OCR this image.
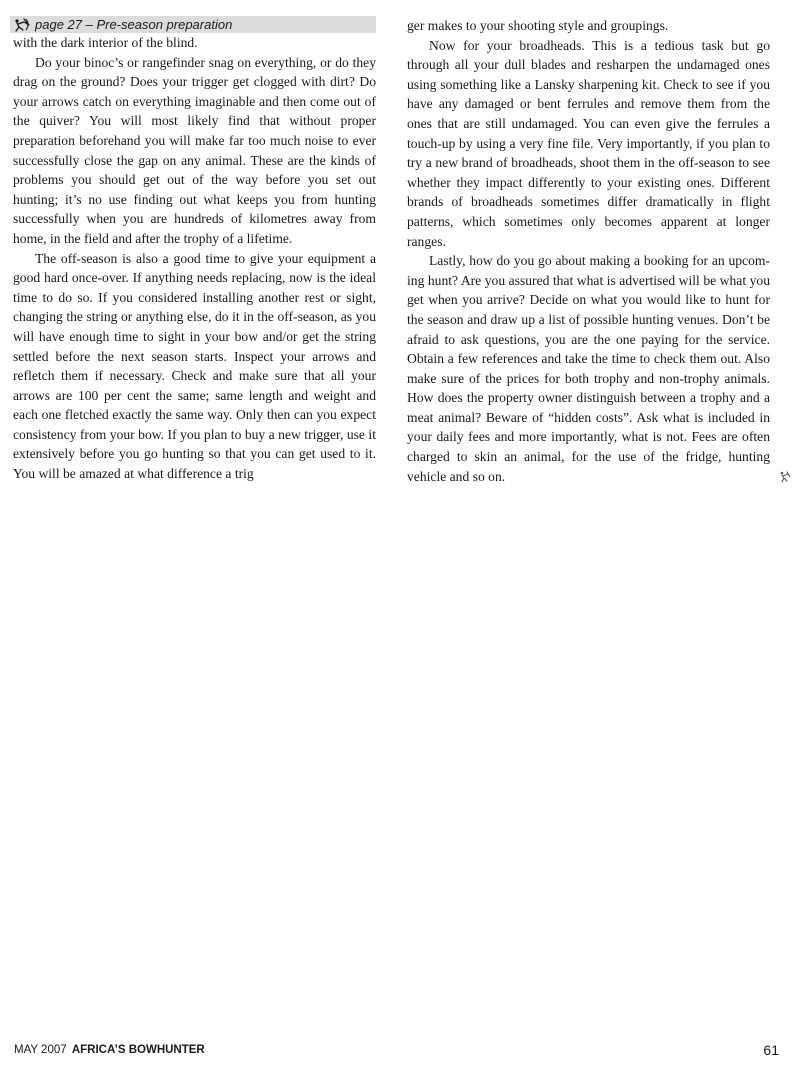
page 27 – Pre-season preparation

with the dark interior of the blind.

Do your binoc’s or rangefinder snag on everything, or do they drag on the ground? Does your trigger get clogged with dirt? Do your arrows catch on everything imaginable and then come out of the quiver? You will most likely find that without proper preparation beforehand you will make far too much noise to ever successfully close the gap on any animal. These are the kinds of problems you should get out of the way before you set out hunting; it’s no use finding out what keeps you from hunting successfully when you are hundreds of kilometres away from home, in the field and after the trophy of a lifetime.

The off-season is also a good time to give your equipment a good hard once-over. If anything needs replacing, now is the ideal time to do so. If you considered installing another rest or sight, changing the string or anything else, do it in the off-season, as you will have enough time to sight in your bow and/or get the string settled before the next season starts. Inspect your arrows and refletch them if necessary. Check and make sure that all your arrows are 100 per cent the same; same length and weight and each one fletched exactly the same way. Only then can you expect consistency from your bow. If you plan to buy a new trigger, use it extensively before you go hunting so that you can get used to it. You will be amazed at what difference a trig

ger makes to your shooting style and groupings.

Now for your broadheads. This is a tedious task but go through all your dull blades and resharpen the undamaged ones using something like a Lansky sharpening kit. Check to see if you have any damaged or bent ferrules and remove them from the ones that are still undamaged. You can even give the ferrules a touch-up by using a very fine file. Very importantly, if you plan to try a new brand of broadheads, shoot them in the off-season to see whether they impact differently to your existing ones. Different brands of broadheads sometimes differ dramatically in flight patterns, which sometimes only becomes apparent at longer ranges.

Lastly, how do you go about making a booking for an upcoming hunt? Are you assured that what is advertised will be what you get when you arrive? Decide on what you would like to hunt for the season and draw up a list of possible hunting venues. Don’t be afraid to ask questions, you are the one paying for the service. Obtain a few references and take the time to check them out. Also make sure of the prices for both trophy and non-trophy animals. How does the property owner distinguish between a trophy and a meat animal? Beware of “hidden costs”. Ask what is included in your daily fees and more importantly, what is not. Fees are often charged to skin an animal, for the use of the fridge, hunting vehicle and so on.

MAY 2007 AFRICA’S BOWHUNTER	61
